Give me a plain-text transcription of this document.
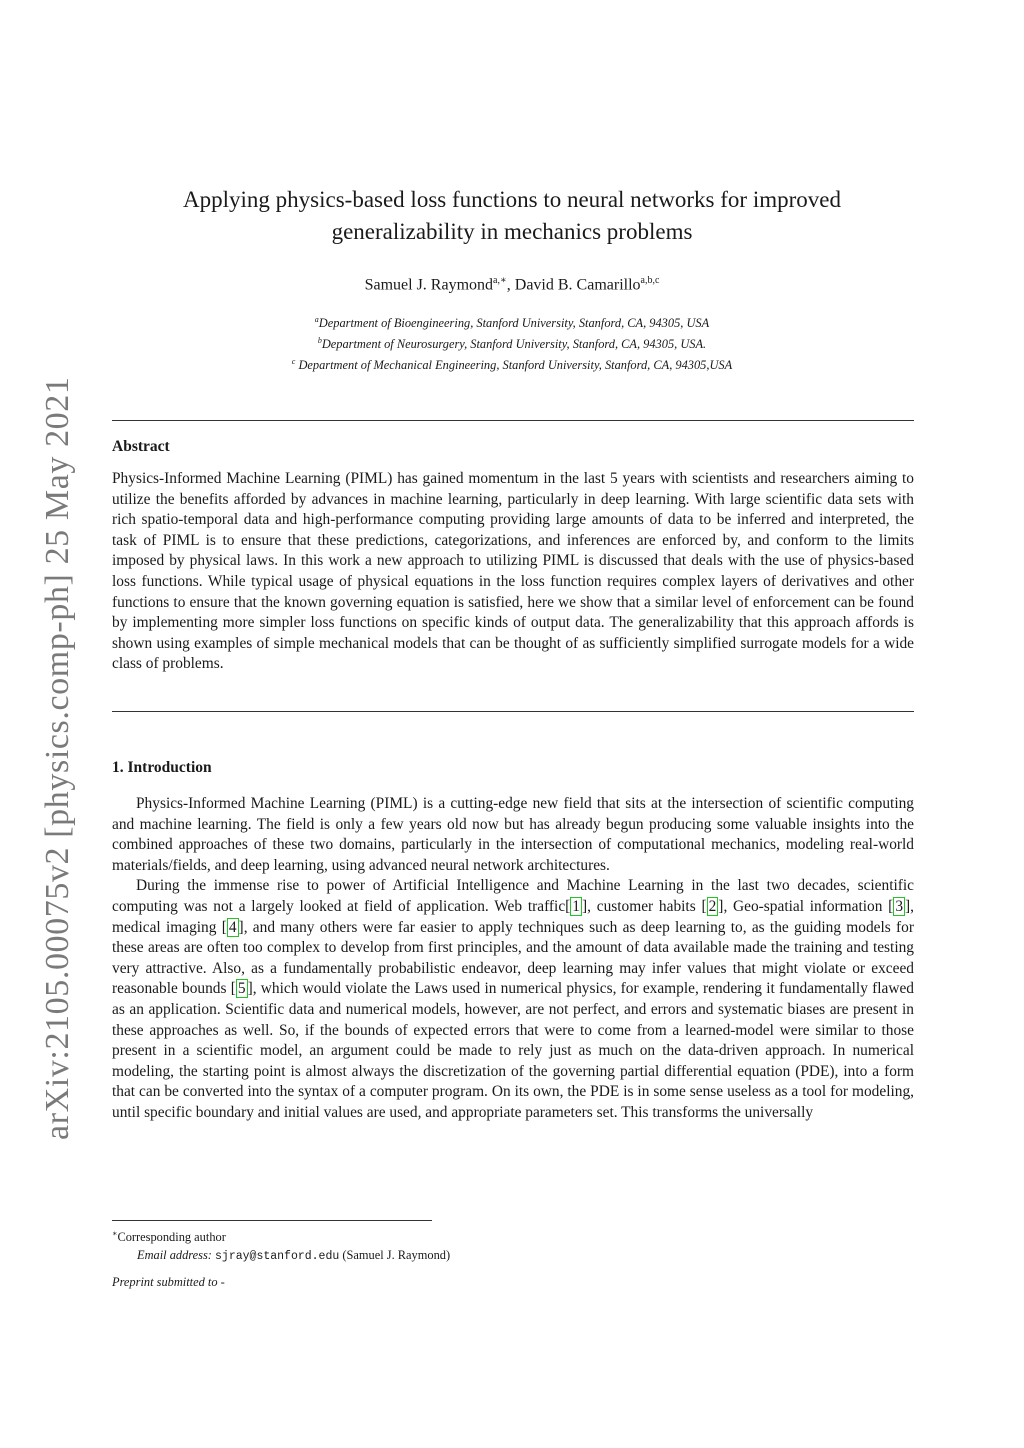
arXiv:2105.00075v2 [physics.comp-ph] 25 May 2021
Applying physics-based loss functions to neural networks for improved
generalizability in mechanics problems
Samuel J. Raymond$^{a,∗}$, David B. Camarillo$^{a,b,c}$
$^a$Department of Bioengineering, Stanford University, Stanford, CA, 94305, USA
$^b$Department of Neurosurgery, Stanford University, Stanford, CA, 94305, USA.
$^c$ Department of Mechanical Engineering, Stanford University, Stanford, CA, 94305,USA
Abstract

Physics-Informed Machine Learning (PIML) has gained momentum in the last 5 years with scientists and researchers aiming to utilize the benefits afforded by advances in machine learning, particularly in deep learning. With large scientific data sets with rich spatio-temporal data and high-performance computing providing large amounts of data to be inferred and interpreted, the task of PIML is to ensure that these predictions, categorizations, and inferences are enforced by, and conform to the limits imposed by physical laws. In this work a new approach to utilizing PIML is discussed that deals with the use of physics-based loss functions. While typical usage of physical equations in the loss function requires complex layers of derivatives and other functions to ensure that the known governing equation is satisfied, here we show that a similar level of enforcement can be found by implementing more simpler loss functions on specific kinds of output data. The generalizability that this approach affords is shown using examples of simple mechanical models that can be thought of as sufficiently simplified surrogate models for a wide class of problems.

1. Introduction

Physics-Informed Machine Learning (PIML) is a cutting-edge new field that sits at the intersection of scientific computing and machine learning. The field is only a few years old now but has already begun producing some valuable insights into the combined approaches of these two domains, particularly in the intersection of computational mechanics, modeling real-world materials/fields, and deep learning, using advanced neural network architectures.

During the immense rise to power of Artificial Intelligence and Machine Learning in the last two decades, scientific computing was not a largely looked at field of application. Web traffic[ 1 ], customer habits [ 2 ], Geo-spatial information [ 3 ], medical imaging [ 4 ], and many others were far easier to apply techniques such as deep learning to, as the guiding models for these areas are often too complex to develop from first principles, and the amount of data available made the training and testing very attractive. Also, as a fundamentally probabilistic endeavor, deep learning may infer values that might violate or exceed reasonable bounds [ 5 ], which would violate the Laws used in numerical physics, for example, rendering it fundamentally flawed as an application. Scientific data and numerical models, however, are not perfect, and errors and systematic biases are present in these approaches as well. So, if the bounds of expected errors that were to come from a learned-model were similar to those present in a scientific model, an argument could be made to rely just as much on the data-driven approach. In numerical modeling, the starting point is almost always the discretization of the governing partial differential equation (PDE), into a form that can be converted into the syntax of a computer program. On its own, the PDE is in some sense useless as a tool for modeling, until specific boundary and initial values are used, and appropriate parameters set. This transforms the universally

∗Corresponding author
Email address: sjray@stanford.edu (Samuel J. Raymond)
Preprint submitted to -
